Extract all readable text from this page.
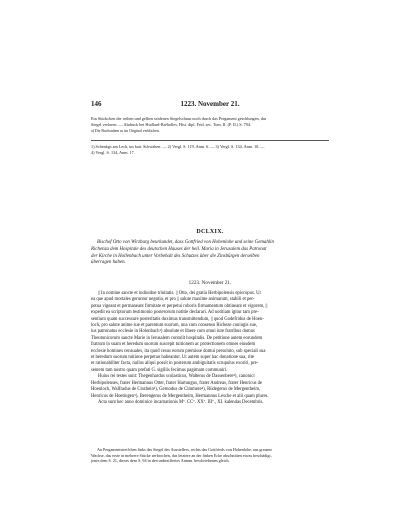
146	1223. November 21.
Ein Stückchen der rothen und gelben seidenen Siegelschnur noch durch das Pergament geschlungen, das
Siegel verloren. — Abdruck bei Huillard-Bréholles, Hist. dipl. Frid. sec. Tom. II. (P. II.) S. 794.
a) Die Buchstaben ru im Original verblichen.
1) Schenkgs am Lech, im bair. Schwaben. — 2) Vergl. S. 119, Anm. 6. — 3) Vergl. S. 134, Anm. 10. —
4) Vergl. S. 134, Anm. 17.
DCLXIX.
Bischof Otto von Wirzburg beurkundet, dass Gottfried von Hohenlohe und seine Gemahlin
Richenza dem Hospitale des deutschen Hauses der heil. Maria in Jerusalem das Patronat
der Kirche in Hollenbach unter Vorbehalt des Schutzes über die Zinsbürgen derselben
überragen haben.
1223. November 21.
|| In nomine sancte et indiuidue trinitatis. || Otto, dei gratia Herbipolensis episcopus. Ut
ea que apud mortales geruntur negotia, et pro || salute maxime animarum, stabili et per-
petua vigeant et permaneant firmitate et perpetui roboris firmamentum obtineant et vigorem, ||
expedit ea scriptorum testimonio posterorum notitie declarari. Ad notitiam igitur tam pre-
sentium quam successure posteritatis duximus transmittendum, || quod Godefridus de Hoen-
loch, pro salute anime sue et parentum suorum, una cum consensu Richeze coniugis sue,
ius patronatus ecclesie in Holenbach¹) absolute et libere cum omni iure fratribus domus
Theutonicorum sancte Marie in Ierusalem contulit hospitalis. De petitione autem eorundem
fratrum in suam et heredum suorum suscepit tuitionem ac protectionem omnes eiusdem
ecclesie homines censuales, ita quod cesus eorum premisse domui persoluto, sub speciali sua
et heredum suorum tuitione perpetuo habeantur. Ut autem super hac donatione sua, rite
et rationabiliter facta, nullus aliqui possit in posterum ambiguitatis scrupulus exoriri, pre-
sentem tam nostro quam prefati G. sigillis fecimus pagimam communiri.
Huius rei testes sunt: Thegenhardus scolasticus, Walterus de Dassenbere²), canonici
Herbipolenses, frater Hermannus Otter, frater Hartungus, frater Andreas, frater Henricus de
Hoenloch, Walfradus de Cruthein³), Gernodus de Cimmere⁴), Rüdegerus de Mergentheim,
Henricus de Hoetingen⁵), Berengerus de Mergentheim, Hermannus Lesche et alii quam plures.
Acta sunt hec anno dominice incarnationis Mº. CCº. XXº. IIIº., XI. kalendas Decembris.
An Pergamentstreifchen links das Siegel des Ausstellers, rechts das Gottfrieds von Hohenlohe, aus grauem
Wachse, das erste in mehrere Stücke zerbrochen, das letztere an der linken Ecke abschnitten etwas beschädigt,
jenes dem S. 21, dieses dem S. 94 in den unbeziffertes Anmm. beschriebenen gleich.
